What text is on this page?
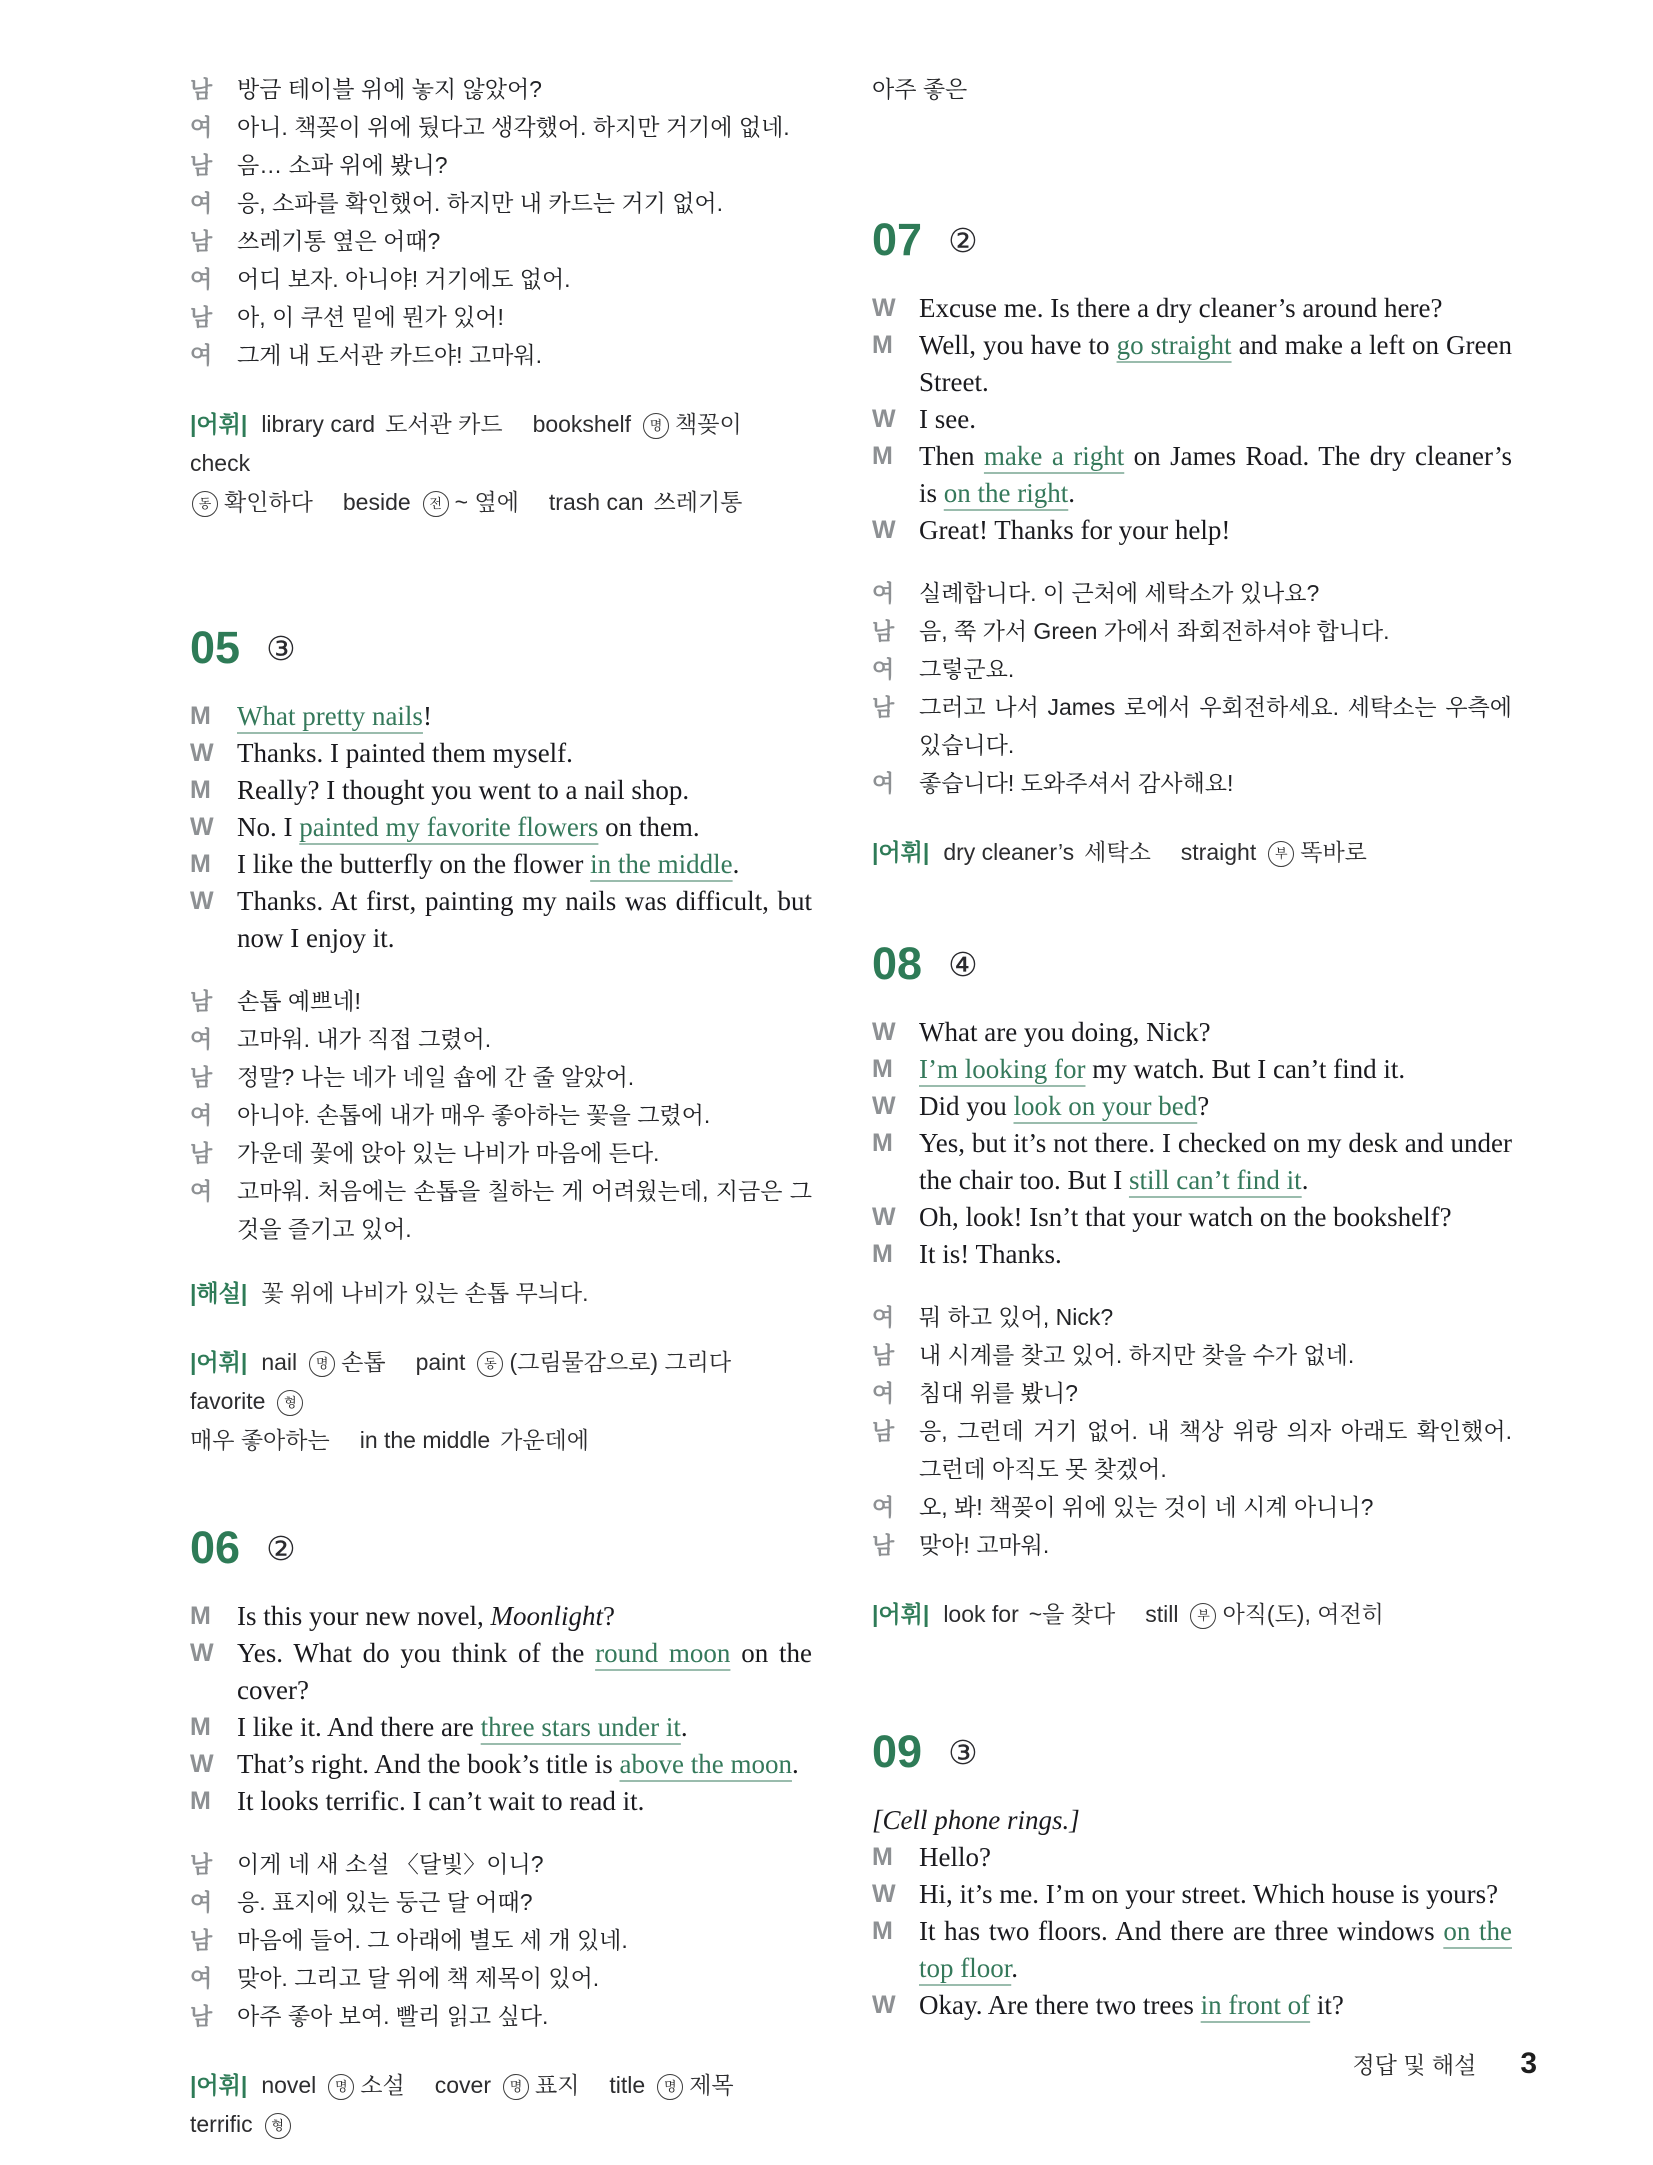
남	방금 테이블 위에 놓지 않았어?
여	아니. 책꽂이 위에 뒀다고 생각했어. 하지만 거기에 없네.
남	음… 소파 위에 봤니?
여	응, 소파를 확인했어. 하지만 내 카드는 거기 없어.
남	쓰레기통 옆은 어때?
여	어디 보자. 아니야! 거기에도 없어.
남	아, 이 쿠션 밑에 뭔가 있어!
여	그게 내 도서관 카드야! 고마워.
|어휘| library card 도서관 카드 bookshelf 명 책꽂이check
동 확인하다 beside 전 ~ 옆에 trash can 쓰레기통
05 ③
M What pretty nails!
W Thanks. I painted them myself.
M Really? I thought you went to a nail shop.
W No. I painted my favorite flowers on them.
M I like the butterfly on the flower in the middle.
W Thanks. At first, painting my nails was difficult, but now I enjoy it.
남	손톱 예쁘네!
여	고마워. 내가 직접 그렸어.
남	정말? 나는 네가 네일 숍에 간 줄 알았어.
여	아니야. 손톱에 내가 매우 좋아하는 꽃을 그렸어.
남	가운데 꽃에 앉아 있는 나비가 마음에 든다.
여	고마워. 처음에는 손톱을 칠하는 게 어려웠는데, 지금은 그것을 즐기고 있어.
|해설| 꽃 위에 나비가 있는 손톱 무늬다.
|어휘| nail 명 손톱 paint 동 (그림물감으로) 그리다favorite 형
매우 좋아하는 in the middle 가운데에
06 ②
M Is this your new novel, Moonlight?
W Yes. What do you think of the round moon on the cover?
M I like it. And there are three stars under it.
W That’s right. And the book’s title is above the moon.
M It looks terrific. I can’t wait to read it.
남	이게 네 새 소설 〈달빛〉이니?
여	응. 표지에 있는 둥근 달 어때?
남	마음에 들어. 그 아래에 별도 세 개 있네.
여	맞아. 그리고 달 위에 책 제목이 있어.
남	아주 좋아 보여. 빨리 읽고 싶다.
|어휘| novel 명 소설 cover 명 표지 title 명 제목terrific 형
아주 좋은
07 ②
W Excuse me. Is there a dry cleaner’s around here?
M Well, you have to go straight and make a left on Green Street.
W I see.
M Then make a right on James Road. The dry cleaner’s is on the right.
W Great! Thanks for your help!
여	실례합니다. 이 근처에 세탁소가 있나요?
남	음, 쭉 가서 Green 가에서 좌회전하셔야 합니다.
여	그렇군요.
남	그러고 나서 James 로에서 우회전하세요. 세탁소는 우측에 있습니다.
여	좋습니다! 도와주셔서 감사해요!
|어휘| dry cleaner’s 세탁소 straight 부 똑바로
08 ④
W What are you doing, Nick?
M I’m looking for my watch. But I can’t find it.
W Did you look on your bed?
M Yes, but it’s not there. I checked on my desk and under the chair too. But I still can’t find it.
W Oh, look! Isn’t that your watch on the bookshelf?
M It is! Thanks.
여	뭐 하고 있어, Nick?
남	내 시계를 찾고 있어. 하지만 찾을 수가 없네.
여	침대 위를 봤니?
남	응, 그런데 거기 없어. 내 책상 위랑 의자 아래도 확인했어. 그런데 아직도 못 찾겠어.
여	오, 봐! 책꽂이 위에 있는 것이 네 시계 아니니?
남	맞아! 고마워.
|어휘| look for ~을 찾다 still 부 아직(도), 여전히
09 ③
[Cell phone rings.]
M Hello?
W Hi, it’s me. I’m on your street. Which house is yours?
M It has two floors. And there are three windows on the top floor.
W Okay. Are there two trees in front of it?
정답 및 해설 3
